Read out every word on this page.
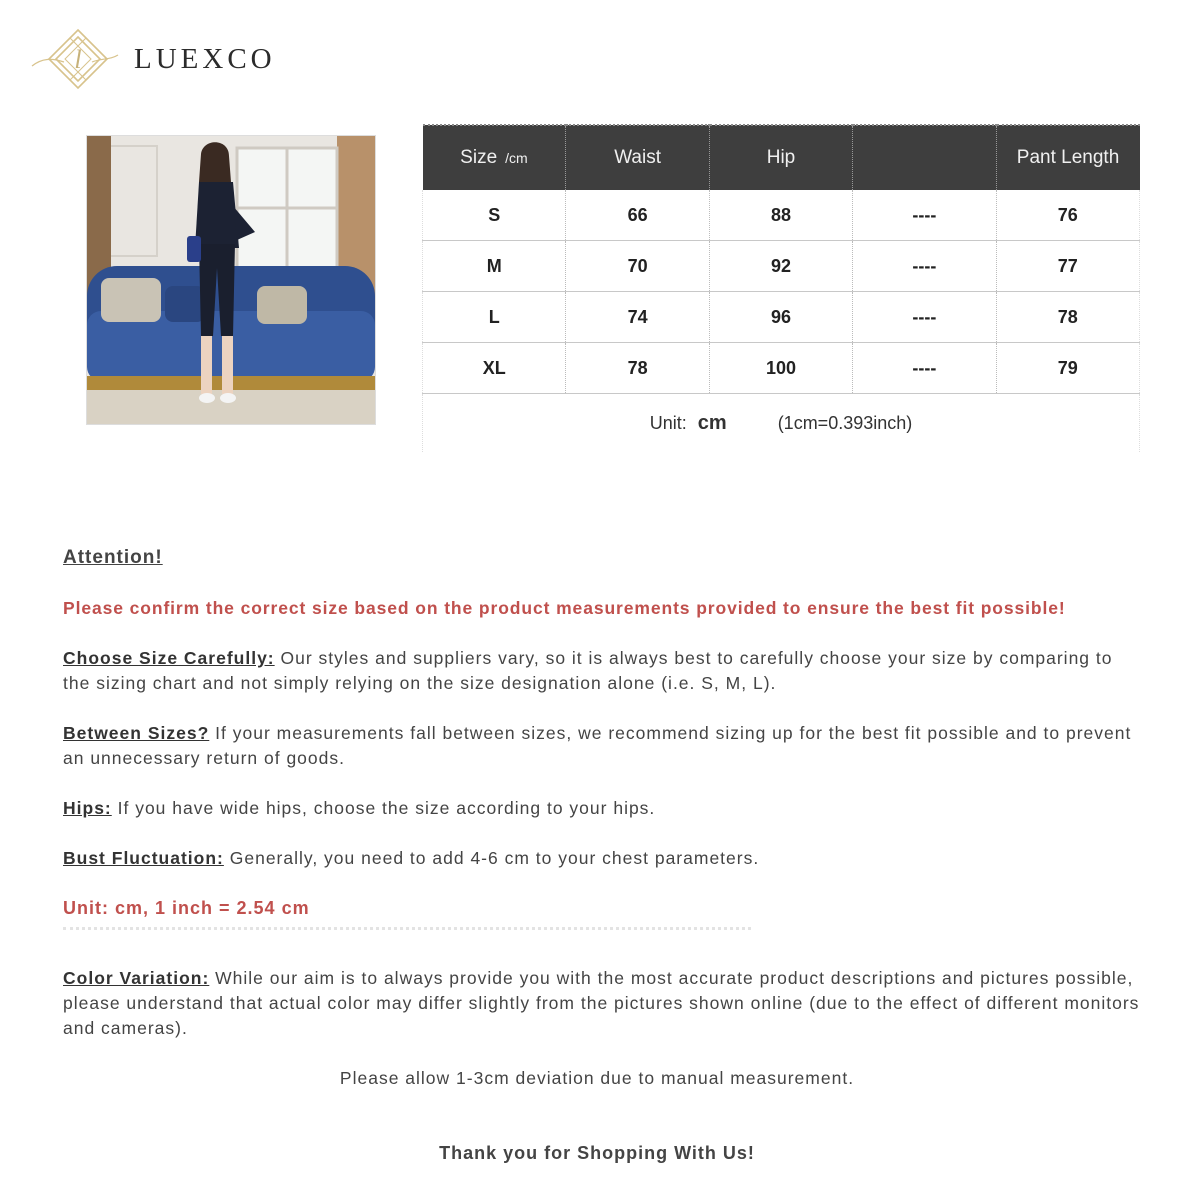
l LUEXCO
Size /cm	Waist	Hip		Pant Length
S	66	88	----	76
M	70	92	----	77
L	74	96	----	78
XL	78	100	----	79
Unit: cm (1cm=0.393inch)				

Attention!

Please confirm the correct size based on the product measurements provided to ensure the best fit possible!

Choose Size Carefully: Our styles and suppliers vary, so it is always best to carefully choose your size by comparing to the sizing chart and not simply relying on the size designation alone (i.e. S, M, L).

Between Sizes? If your measurements fall between sizes, we recommend sizing up for the best fit possible and to prevent an unnecessary return of goods.

Hips: If you have wide hips, choose the size according to your hips.

Bust Fluctuation: Generally, you need to add 4-6 cm to your chest parameters.

Unit: cm, 1 inch = 2.54 cm

Color Variation: While our aim is to always provide you with the most accurate product descriptions and pictures possible, please understand that actual color may differ slightly from the pictures shown online (due to the effect of different monitors and cameras).

Please allow 1-3cm deviation due to manual measurement.

Thank you for Shopping With Us!
